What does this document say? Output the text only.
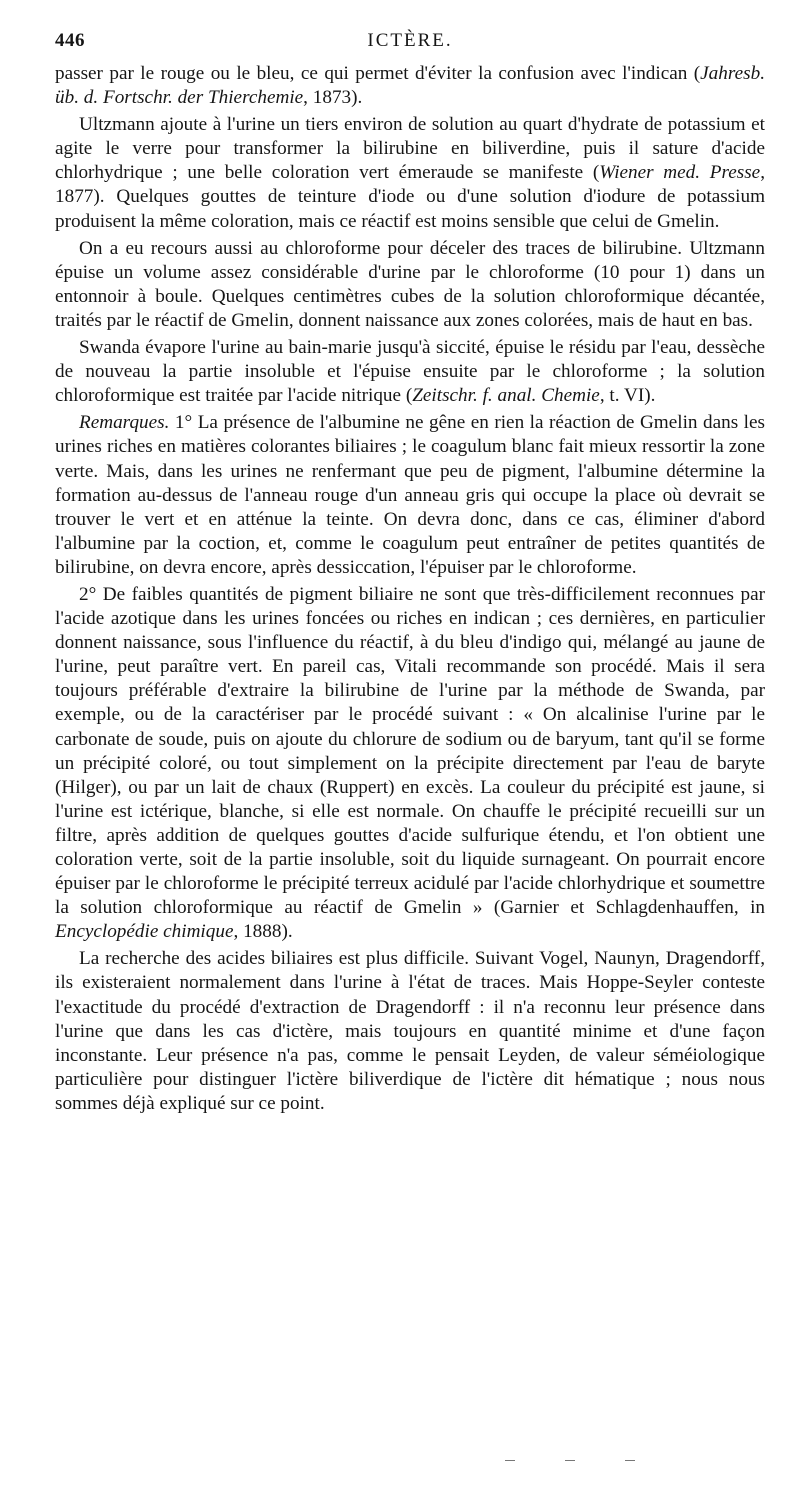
446	ICTÈRE.

passer par le rouge ou le bleu, ce qui permet d'éviter la confusion avec l'indican (Jahresb. üb. d. Fortschr. der Thierchemie, 1873).

Ultzmann ajoute à l'urine un tiers environ de solution au quart d'hydrate de potassium et agite le verre pour transformer la bilirubine en biliverdine, puis il sature d'acide chlorhydrique ; une belle coloration vert émeraude se manifeste (Wiener med. Presse, 1877). Quelques gouttes de teinture d'iode ou d'une solution d'iodure de potassium produisent la même coloration, mais ce réactif est moins sensible que celui de Gmelin.

On a eu recours aussi au chloroforme pour déceler des traces de bilirubine. Ultzmann épuise un volume assez considérable d'urine par le chloroforme (10 pour 1) dans un entonnoir à boule. Quelques centimètres cubes de la solution chloroformique décantée, traités par le réactif de Gmelin, donnent naissance aux zones colorées, mais de haut en bas.

Swanda évapore l'urine au bain-marie jusqu'à siccité, épuise le résidu par l'eau, dessèche de nouveau la partie insoluble et l'épuise ensuite par le chloroforme ; la solution chloroformique est traitée par l'acide nitrique (Zeitschr. f. anal. Chemie, t. VI).

Remarques. 1° La présence de l'albumine ne gêne en rien la réaction de Gmelin dans les urines riches en matières colorantes biliaires ; le coagulum blanc fait mieux ressortir la zone verte. Mais, dans les urines ne renfermant que peu de pigment, l'albumine détermine la formation au-dessus de l'anneau rouge d'un anneau gris qui occupe la place où devrait se trouver le vert et en atténue la teinte. On devra donc, dans ce cas, éliminer d'abord l'albumine par la coction, et, comme le coagulum peut entraîner de petites quantités de bilirubine, on devra encore, après dessiccation, l'épuiser par le chloroforme.

2° De faibles quantités de pigment biliaire ne sont que très-difficilement reconnues par l'acide azotique dans les urines foncées ou riches en indican ; ces dernières, en particulier donnent naissance, sous l'influence du réactif, à du bleu d'indigo qui, mélangé au jaune de l'urine, peut paraître vert. En pareil cas, Vitali recommande son procédé. Mais il sera toujours préférable d'extraire la bilirubine de l'urine par la méthode de Swanda, par exemple, ou de la caractériser par le procédé suivant : « On alcalinise l'urine par le carbonate de soude, puis on ajoute du chlorure de sodium ou de baryum, tant qu'il se forme un précipité coloré, ou tout simplement on la précipite directement par l'eau de baryte (Hilger), ou par un lait de chaux (Ruppert) en excès. La couleur du précipité est jaune, si l'urine est ictérique, blanche, si elle est normale. On chauffe le précipité recueilli sur un filtre, après addition de quelques gouttes d'acide sulfurique étendu, et l'on obtient une coloration verte, soit de la partie insoluble, soit du liquide surnageant. On pourrait encore épuiser par le chloroforme le précipité terreux acidulé par l'acide chlorhydrique et soumettre la solution chloroformique au réactif de Gmelin » (Garnier et Schlagdenhauffen, in Encyclopédie chimique, 1888).

La recherche des acides biliaires est plus difficile. Suivant Vogel, Naunyn, Dragendorff, ils existeraient normalement dans l'urine à l'état de traces. Mais Hoppe-Seyler conteste l'exactitude du procédé d'extraction de Dragendorff : il n'a reconnu leur présence dans l'urine que dans les cas d'ictère, mais toujours en quantité minime et d'une façon inconstante. Leur présence n'a pas, comme le pensait Leyden, de valeur séméiologique particulière pour distinguer l'ictère biliverdique de l'ictère dit hématique ; nous nous sommes déjà expliqué sur ce point.
